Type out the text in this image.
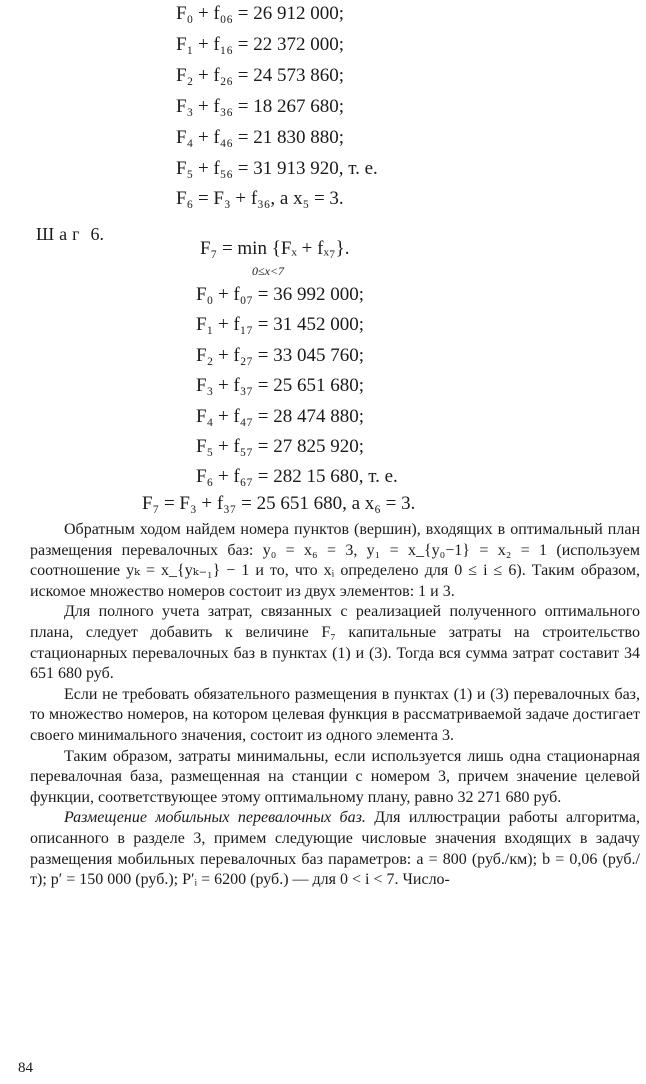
F₀ + f₀₆ = 26 912 000;
F₁ + f₁₆ = 22 372 000;
F₂ + f₂₆ = 24 573 860;
F₃ + f₃₆ = 18 267 680;
F₄ + f₄₆ = 21 830 880;
F₅ + f₅₆ = 31 913 920, т. е.
F₆ = F₃ + f₃₆, а x₅ = 3.
Шаг 6.
F₇ = min {Fₓ + fₓ₇}.
0≤x<7
F₀ + f₀₇ = 36 992 000;
F₁ + f₁₇ = 31 452 000;
F₂ + f₂₇ = 33 045 760;
F₃ + f₃₇ = 25 651 680;
F₄ + f₄₇ = 28 474 880;
F₅ + f₅₇ = 27 825 920;
F₆ + f₆₇ = 282 15 680, т. е.
F₇ = F₃ + f₃₇ = 25 651 680, а x₆ = 3.

Обратным ходом найдем номера пунктов (вершин), входящих в оптимальный план размещения перевалочных баз: y₀ = x₆ = 3, y₁ = x_{y₀−1} = x₂ = 1 (используем соотношение yₖ = x_{yₖ₋₁} − 1 и то, что xᵢ определено для 0 ≤ i ≤ 6). Таким образом, искомое множество номеров состоит из двух элементов: 1 и 3.

Для полного учета затрат, связанных с реализацией полученного оптимального плана, следует добавить к величине F₇ капитальные затраты на строительство стационарных перевалочных баз в пунктах (1) и (3). Тогда вся сумма затрат составит 34 651 680 руб.

Если не требовать обязательного размещения в пунктах (1) и (3) перевалочных баз, то множество номеров, на котором целевая функция в рассматриваемой задаче достигает своего минимального значения, состоит из одного элемента 3.

Таким образом, затраты минимальны, если используется лишь одна стационарная перевалочная база, размещенная на станции с номером 3, причем значение целевой функции, соответствующее этому оптимальному плану, равно 32 271 680 руб.

Размещение мобильных перевалочных баз. Для иллюстрации работы алгоритма, описанного в разделе 3, примем следующие числовые значения входящих в задачу размещения мобильных перевалочных баз параметров: a = 800 (руб./км); b = 0,06 (руб./т); p′ = 150 000 (руб.); P′ᵢ = 6200 (руб.) — для 0 < i < 7. Число-

84
